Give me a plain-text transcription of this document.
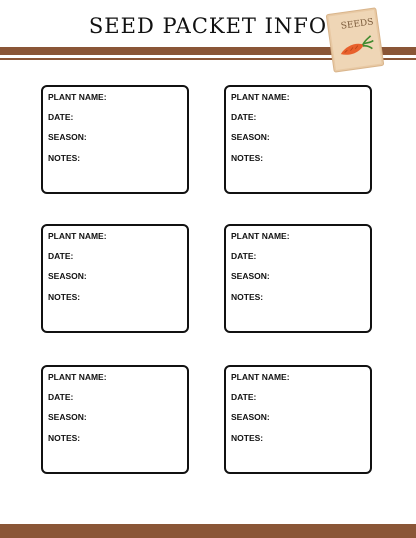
SEED PACKET INFO	SEEDS
PLANT NAME:
DATE:
SEASON:
NOTES:
PLANT NAME:
DATE:
SEASON:
NOTES:
PLANT NAME:
DATE:
SEASON:
NOTES:
PLANT NAME:
DATE:
SEASON:
NOTES:
PLANT NAME:
DATE:
SEASON:
NOTES:
PLANT NAME:
DATE:
SEASON:
NOTES:
